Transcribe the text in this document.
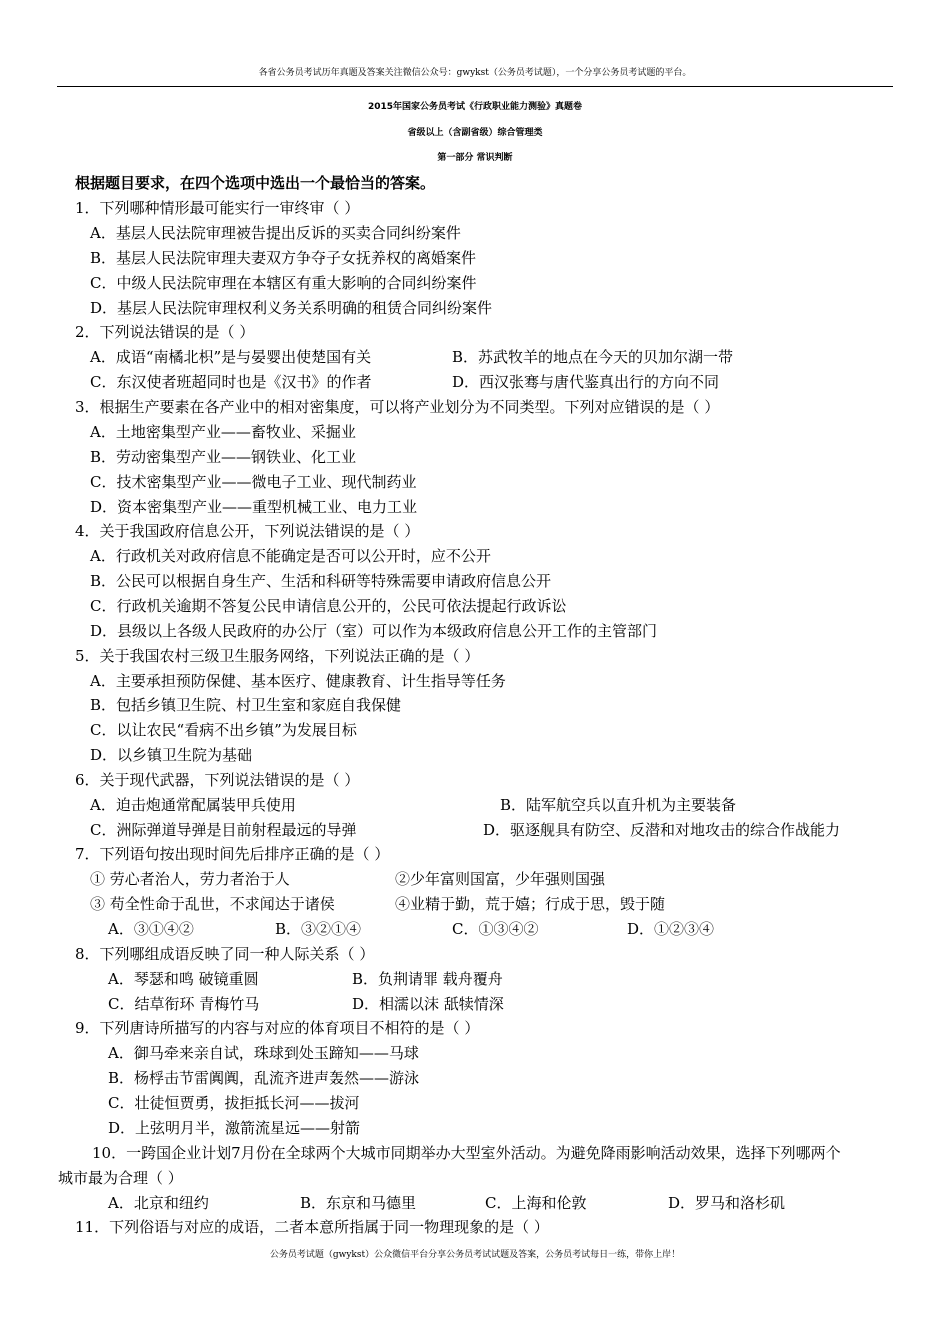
各省公务员考试历年真题及答案关注微信公众号：gwykst（公务员考试题），一个分享公务员考试题的平台。
2015年国家公务员考试《行政职业能力测验》真题卷
省级以上（含副省级）综合管理类
第一部分 常识判断
根据题目要求，在四个选项中选出一个最恰当的答案。
1．下列哪种情形最可能实行一审终审（ ）
A．基层人民法院审理被告提出反诉的买卖合同纠纷案件
B．基层人民法院审理夫妻双方争夺子女抚养权的离婚案件
C．中级人民法院审理在本辖区有重大影响的合同纠纷案件
D．基层人民法院审理权利义务关系明确的租赁合同纠纷案件
2．下列说法错误的是（ ）
A．成语“南橘北枳”是与晏婴出使楚国有关	B．苏武牧羊的地点在今天的贝加尔湖一带
C．东汉使者班超同时也是《汉书》的作者	D．西汉张骞与唐代鉴真出行的方向不同
3．根据生产要素在各产业中的相对密集度，可以将产业划分为不同类型。下列对应错误的是（ ）
A．土地密集型产业——畜牧业、采掘业
B．劳动密集型产业——钢铁业、化工业
C．技术密集型产业——微电子工业、现代制药业
D．资本密集型产业——重型机械工业、电力工业
4．关于我国政府信息公开，下列说法错误的是（ ）
A．行政机关对政府信息不能确定是否可以公开时，应不公开
B．公民可以根据自身生产、生活和科研等特殊需要申请政府信息公开
C．行政机关逾期不答复公民申请信息公开的，公民可依法提起行政诉讼
D．县级以上各级人民政府的办公厅（室）可以作为本级政府信息公开工作的主管部门
5．关于我国农村三级卫生服务网络，下列说法正确的是（ ）
A．主要承担预防保健、基本医疗、健康教育、计生指导等任务
B．包括乡镇卫生院、村卫生室和家庭自我保健
C．以让农民“看病不出乡镇”为发展目标
D．以乡镇卫生院为基础
6．关于现代武器，下列说法错误的是（ ）
A．迫击炮通常配属装甲兵使用	B．陆军航空兵以直升机为主要装备
C．洲际弹道导弹是目前射程最远的导弹	D．驱逐舰具有防空、反潜和对地攻击的综合作战能力
7．下列语句按出现时间先后排序正确的是（ ）
① 劳心者治人，劳力者治于人	②少年富则国富，少年强则国强
③ 苟全性命于乱世，不求闻达于诸侯	④业精于勤，荒于嬉；行成于思，毁于随
A．③①④②	B．③②①④	C．①③④②	D．①②③④
8．下列哪组成语反映了同一种人际关系（ ）
A．琴瑟和鸣 破镜重圆	B．负荆请罪 载舟覆舟
C．结草衔环 青梅竹马	D．相濡以沫 舐犊情深
9．下列唐诗所描写的内容与对应的体育项目不相符的是（ ）
A．御马牵来亲自试，珠球到处玉蹄知——马球
B．杨桴击节雷阗阗，乱流齐进声轰然——游泳
C．壮徒恒贾勇，拔拒抵长河——拔河
D．上弦明月半，激箭流星远——射箭
10．一跨国企业计划7月份在全球两个大城市同期举办大型室外活动。为避免降雨影响活动效果，选择下列哪两个
城市最为合理（ ）
A．北京和纽约	B．东京和马德里	C．上海和伦敦	D．罗马和洛杉矶
11．下列俗语与对应的成语，二者本意所指属于同一物理现象的是（ ）
公务员考试题（gwykst）公众微信平台分享公务员考试试题及答案，公务员考试每日一练，带你上岸！
